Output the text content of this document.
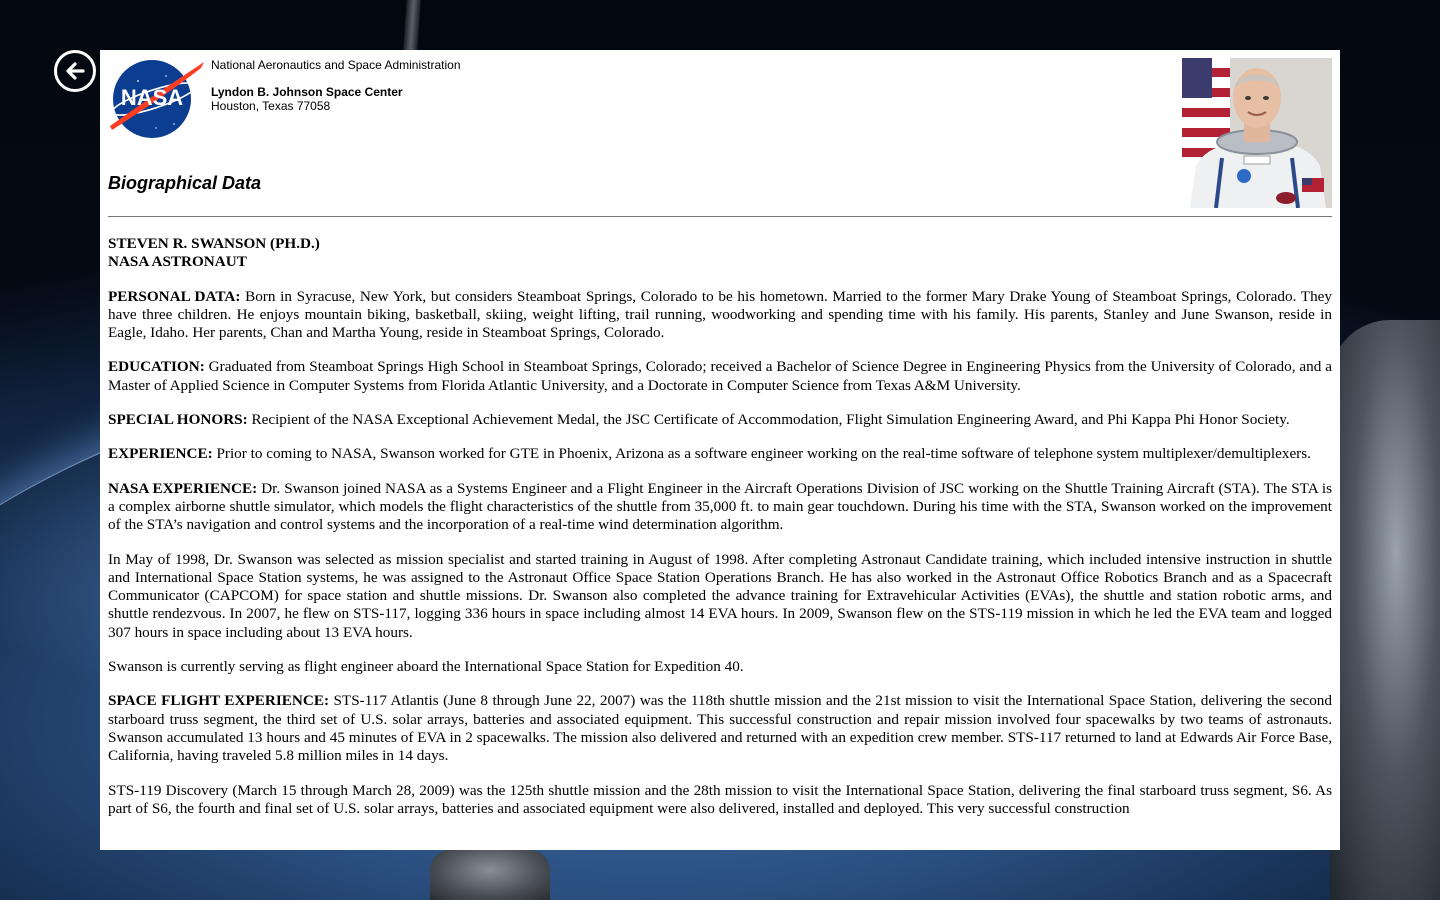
NASA
National Aeronautics and Space Administration
Lyndon B. Johnson Space Center
Houston, Texas 77058
Biographical Data
STEVEN R. SWANSON (PH.D.)
NASA ASTRONAUT

PERSONAL DATA: Born in Syracuse, New York, but considers Steamboat Springs, Colorado to be his hometown. Married to the former Mary Drake Young of Steamboat Springs, Colorado. They have three children. He enjoys mountain biking, basketball, skiing, weight lifting, trail running, woodworking and spending time with his family. His parents, Stanley and June Swanson, reside in Eagle, Idaho. Her parents, Chan and Martha Young, reside in Steamboat Springs, Colorado.

EDUCATION: Graduated from Steamboat Springs High School in Steamboat Springs, Colorado; received a Bachelor of Science Degree in Engineering Physics from the University of Colorado, and a Master of Applied Science in Computer Systems from Florida Atlantic University, and a Doctorate in Computer Science from Texas A&M University.

SPECIAL HONORS: Recipient of the NASA Exceptional Achievement Medal, the JSC Certificate of Accommodation, Flight Simulation Engineering Award, and Phi Kappa Phi Honor Society.

EXPERIENCE: Prior to coming to NASA, Swanson worked for GTE in Phoenix, Arizona as a software engineer working on the real-time software of telephone system multiplexer/demultiplexers.

NASA EXPERIENCE: Dr. Swanson joined NASA as a Systems Engineer and a Flight Engineer in the Aircraft Operations Division of JSC working on the Shuttle Training Aircraft (STA). The STA is a complex airborne shuttle simulator, which models the flight characteristics of the shuttle from 35,000 ft. to main gear touchdown. During his time with the STA, Swanson worked on the improvement of the STA’s navigation and control systems and the incorporation of a real-time wind determination algorithm.

In May of 1998, Dr. Swanson was selected as mission specialist and started training in August of 1998. After completing Astronaut Candidate training, which included intensive instruction in shuttle and International Space Station systems, he was assigned to the Astronaut Office Space Station Operations Branch. He has also worked in the Astronaut Office Robotics Branch and as a Spacecraft Communicator (CAPCOM) for space station and shuttle missions. Dr. Swanson also completed the advance training for Extravehicular Activities (EVAs), the shuttle and station robotic arms, and shuttle rendezvous. In 2007, he flew on STS-117, logging 336 hours in space including almost 14 EVA hours. In 2009, Swanson flew on the STS-119 mission in which he led the EVA team and logged 307 hours in space including about 13 EVA hours.

Swanson is currently serving as flight engineer aboard the International Space Station for Expedition 40.

SPACE FLIGHT EXPERIENCE: STS-117 Atlantis (June 8 through June 22, 2007) was the 118th shuttle mission and the 21st mission to visit the International Space Station, delivering the second starboard truss segment, the third set of U.S. solar arrays, batteries and associated equipment. This successful construction and repair mission involved four spacewalks by two teams of astronauts. Swanson accumulated 13 hours and 45 minutes of EVA in 2 spacewalks. The mission also delivered and returned with an expedition crew member. STS-117 returned to land at Edwards Air Force Base, California, having traveled 5.8 million miles in 14 days.

STS-119 Discovery (March 15 through March 28, 2009) was the 125th shuttle mission and the 28th mission to visit the International Space Station, delivering the final starboard truss segment, S6. As part of S6, the fourth and final set of U.S. solar arrays, batteries and associated equipment were also delivered, installed and deployed. This very successful construction
